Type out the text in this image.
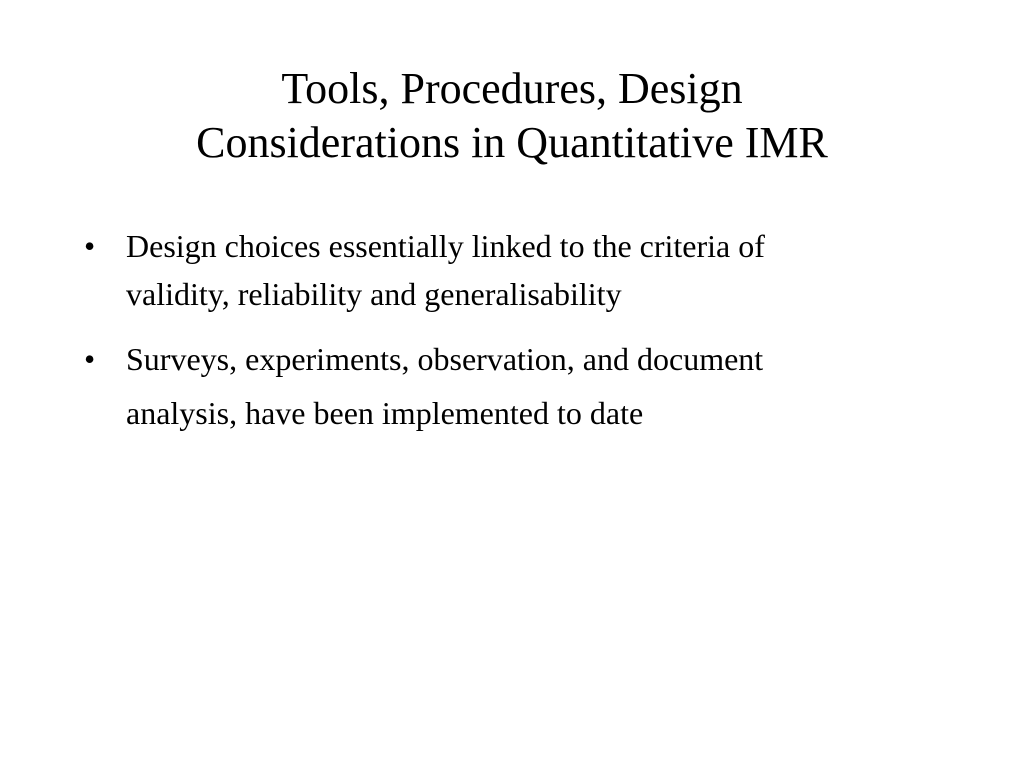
Tools, Procedures, Design
Considerations in Quantitative IMR
• Design choices essentially linked to the criteria of
validity, reliability and generalisability
• Surveys, experiments, observation, and document
analysis, have been implemented to date
